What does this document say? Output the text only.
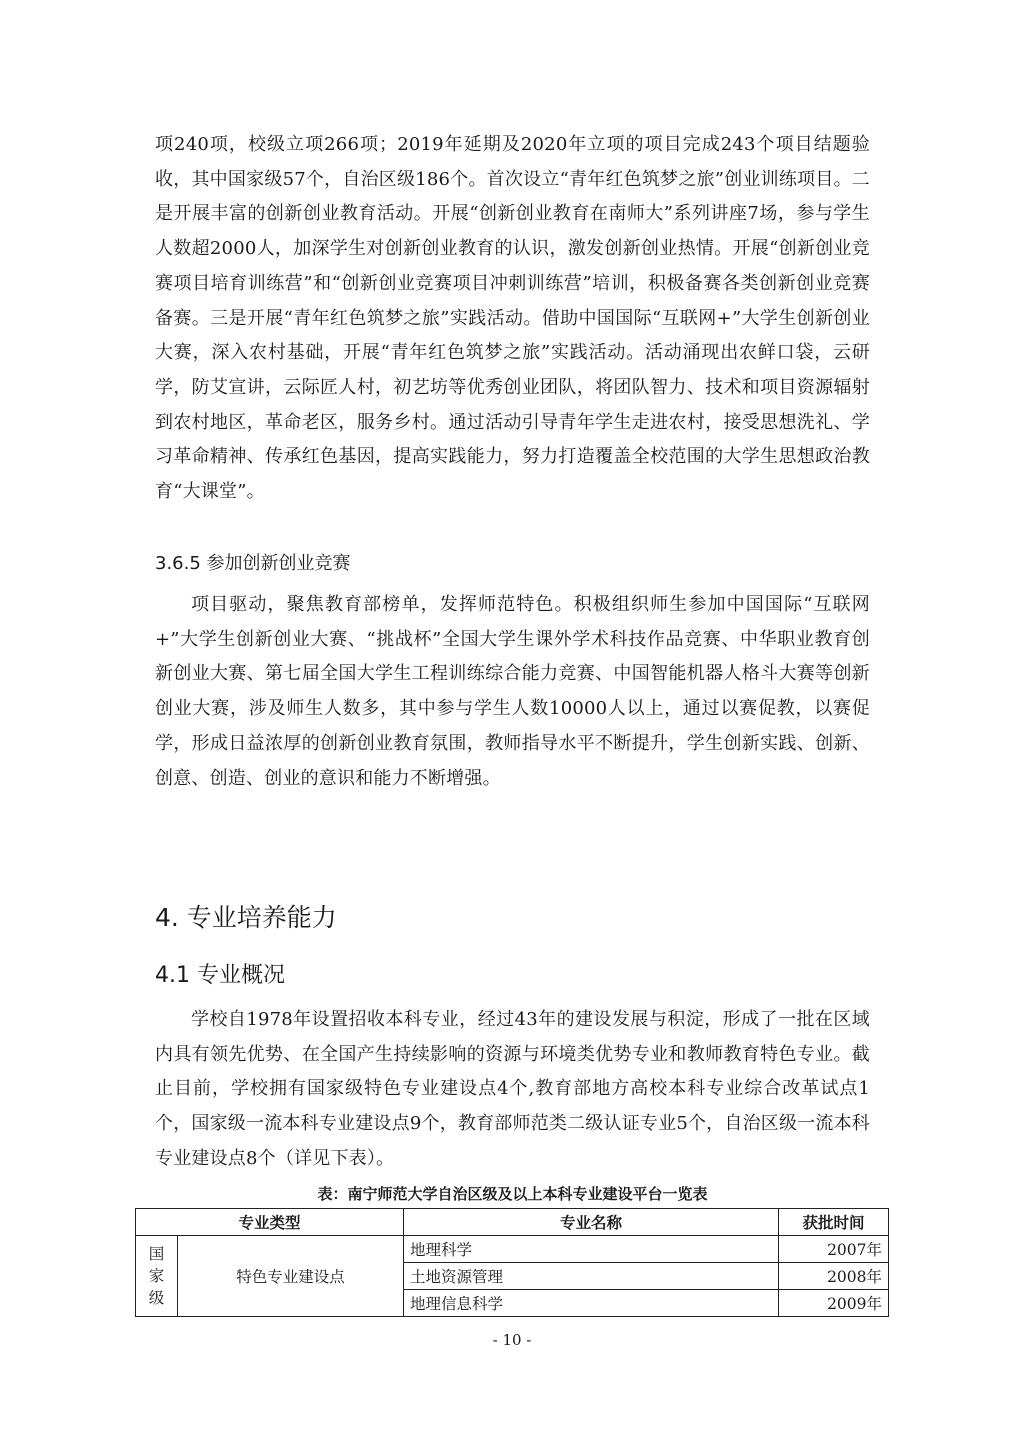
项240项，校级立项266项；2019年延期及2020年立项的项目完成243个项目结题验收，其中国家级57个，自治区级186个。首次设立“青年红色筑梦之旅”创业训练项目。二是开展丰富的创新创业教育活动。开展“创新创业教育在南师大”系列讲座7场，参与学生人数超2000人，加深学生对创新创业教育的认识，激发创新创业热情。开展“创新创业竞赛项目培育训练营”和“创新创业竞赛项目冲刺训练营”培训，积极备赛各类创新创业竞赛备赛。三是开展“青年红色筑梦之旅”实践活动。借助中国国际“互联网+”大学生创新创业大赛，深入农村基础，开展“青年红色筑梦之旅”实践活动。活动涌现出农鲜口袋，云研学，防艾宣讲，云际匠人村，初艺坊等优秀创业团队，将团队智力、技术和项目资源辐射到农村地区，革命老区，服务乡村。通过活动引导青年学生走进农村，接受思想洗礼、学习革命精神、传承红色基因，提高实践能力，努力打造覆盖全校范围的大学生思想政治教育“大课堂”。

3.6.5 参加创新创业竞赛

项目驱动，聚焦教育部榜单，发挥师范特色。积极组织师生参加中国国际“互联网+”大学生创新创业大赛、“挑战杯”全国大学生课外学术科技作品竞赛、中华职业教育创新创业大赛、第七届全国大学生工程训练综合能力竞赛、中国智能机器人格斗大赛等创新创业大赛，涉及师生人数多，其中参与学生人数10000人以上，通过以赛促教，以赛促学，形成日益浓厚的创新创业教育氛围，教师指导水平不断提升，学生创新实践、创新、创意、创造、创业的意识和能力不断增强。

4. 专业培养能力
4.1 专业概况

学校自1978年设置招收本科专业，经过43年的建设发展与积淀，形成了一批在区域内具有领先优势、在全国产生持续影响的资源与环境类优势专业和教师教育特色专业。截止目前，学校拥有国家级特色专业建设点4个,教育部地方高校本科专业综合改革试点1个，国家级一流本科专业建设点9个，教育部师范类二级认证专业5个，自治区级一流本科专业建设点8个（详见下表）。

表：南宁师范大学自治区级及以上本科专业建设平台一览表

专业类型		专业名称	获批时间

国
家
级	特色专业建设点	地理科学	2007年
		土地资源管理	2008年
		地理信息科学	2009年

- 10 -
